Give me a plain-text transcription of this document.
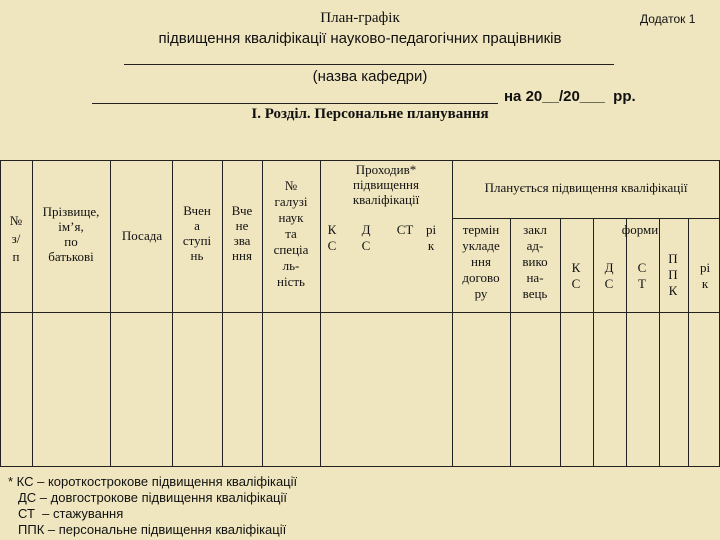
Додаток 1
План-графік
підвищення кваліфікації науково-педагогічних працівників
(назва кафедри)
на 20__/20___  рр.
І. Розділ. Персональне планування
№
з/
п
Прізвище,
ім’я,
по
батькові
Посада
Вчен
а
ступі
нь
Вче
не
зва
ння
№
галузі
наук
та
спеціа
ль-
ність
Проходив*
підвищення
кваліфікації
К С
Д С
СТ рі к
Планується підвищення кваліфікації
термін
укладе
ння
догово
ру
закл
ад-
вико
на-
вець
форми
К С
Д С
С Т
П П К
рі к
* КС – короткострокове підвищення кваліфікації
ДС – довгострокове підвищення кваліфікації
СТ  – стажування
ППК – персональне підвищення кваліфікації
